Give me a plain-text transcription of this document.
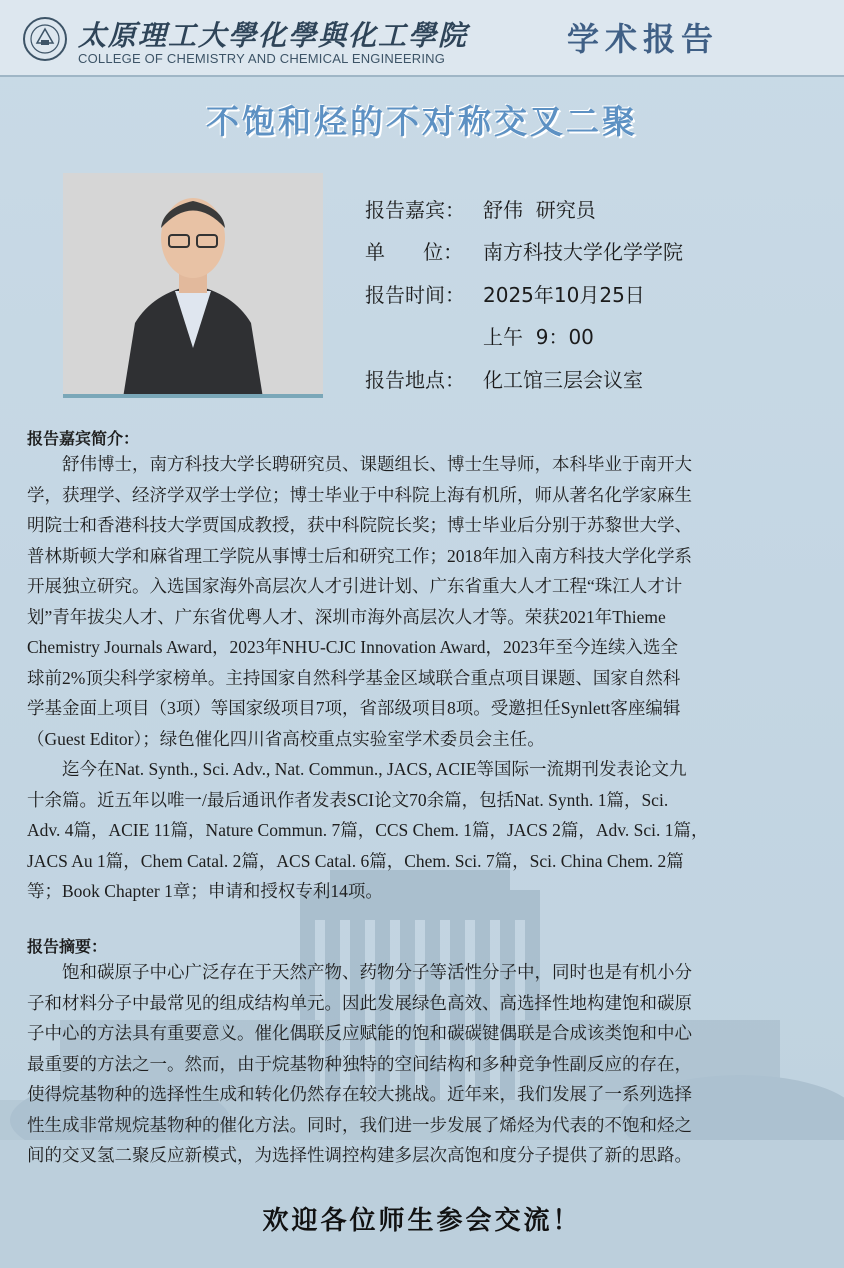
太原理工大學化學與化工學院
COLLEGE OF CHEMISTRY AND CHEMICAL ENGINEERING
学术报告
不饱和烃的不对称交叉二聚
报告嘉宾： 舒伟  研究员
单      位： 南方科技大学化学学院
报告时间： 2025年10月25日
上午  9：00
报告地点： 化工馆三层会议室
报告嘉宾简介：
舒伟博士，南方科技大学长聘研究员、课题组长、博士生导师，本科毕业于南开大
学，获理学、经济学双学士学位；博士毕业于中科院上海有机所，师从著名化学家麻生
明院士和香港科技大学贾国成教授，获中科院院长奖；博士毕业后分别于苏黎世大学、
普林斯顿大学和麻省理工学院从事博士后和研究工作；2018年加入南方科技大学化学系
开展独立研究。入选国家海外高层次人才引进计划、广东省重大人才工程“珠江人才计
划”青年拔尖人才、广东省优粤人才、深圳市海外高层次人才等。荣获2021年Thieme
Chemistry Journals Award，2023年NHU-CJC Innovation Award，2023年至今连续入选全
球前2%顶尖科学家榜单。主持国家自然科学基金区域联合重点项目课题、国家自然科
学基金面上项目（3项）等国家级项目7项，省部级项目8项。受邀担任Synlett客座编辑
（Guest Editor）；绿色催化四川省高校重点实验室学术委员会主任。
迄今在Nat. Synth., Sci. Adv., Nat. Commun., JACS, ACIE等国际一流期刊发表论文九
十余篇。近五年以唯一/最后通讯作者发表SCI论文70余篇，包括Nat. Synth. 1篇，Sci.
Adv. 4篇，ACIE 11篇，Nature Commun. 7篇，CCS Chem. 1篇，JACS 2篇，Adv. Sci. 1篇，
JACS Au 1篇，Chem Catal. 2篇，ACS Catal. 6篇，Chem. Sci. 7篇，Sci. China Chem. 2篇
等；Book Chapter 1章；申请和授权专利14项。
报告摘要：
饱和碳原子中心广泛存在于天然产物、药物分子等活性分子中，同时也是有机小分
子和材料分子中最常见的组成结构单元。因此发展绿色高效、高选择性地构建饱和碳原
子中心的方法具有重要意义。催化偶联反应赋能的饱和碳碳键偶联是合成该类饱和中心
最重要的方法之一。然而，由于烷基物种独特的空间结构和多种竞争性副反应的存在，
使得烷基物种的选择性生成和转化仍然存在较大挑战。近年来，我们发展了一系列选择
性生成非常规烷基物种的催化方法。同时，我们进一步发展了烯烃为代表的不饱和烃之
间的交叉氢二聚反应新模式，为选择性调控构建多层次高饱和度分子提供了新的思路。
欢迎各位师生参会交流！
